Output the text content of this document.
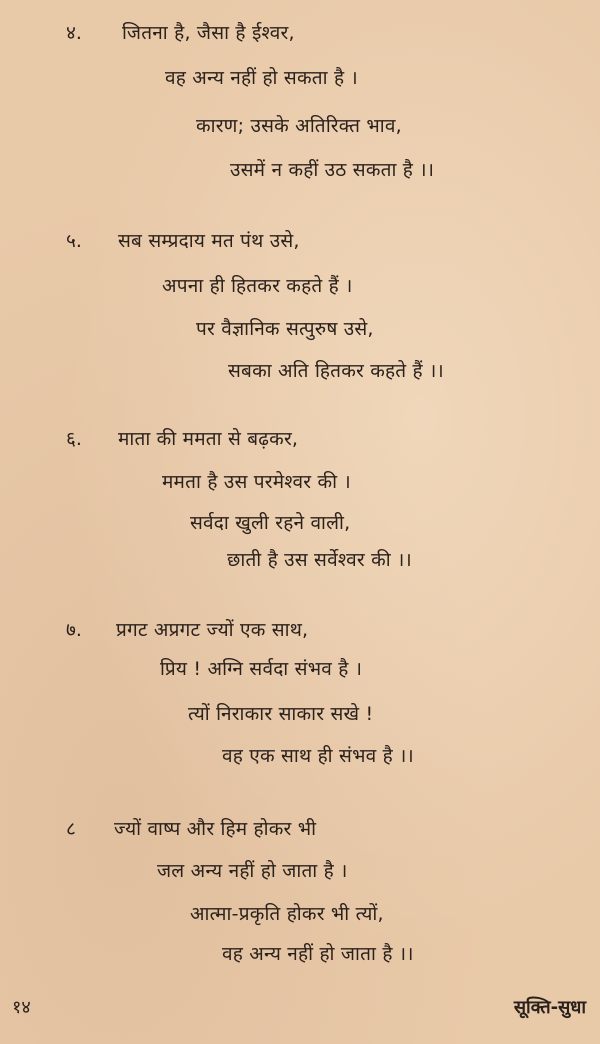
४. जितना है, जैसा है ईश्वर,
वह अन्य नहीं हो सकता है ।
कारण; उसके अतिरिक्त भाव,
उसमें न कहीं उठ सकता है ।।
५. सब सम्प्रदाय मत पंथ उसे,
अपना ही हितकर कहते हैं ।
पर वैज्ञानिक सत्पुरुष उसे,
सबका अति हितकर कहते हैं ।।
६. माता की ममता से बढ़कर,
ममता है उस परमेश्वर की ।
सर्वदा खुली रहने वाली,
छाती है उस सर्वेश्वर की ।।
७. प्रगट अप्रगट ज्यों एक साथ,
प्रिय ! अग्नि सर्वदा संभव है ।
त्यों निराकार साकार सखे !
वह एक साथ ही संभव है ।।
८ ज्यों वाष्प और हिम होकर भी
जल अन्य नहीं हो जाता है ।
आत्मा-प्रकृति होकर भी त्यों,
वह अन्य नहीं हो जाता है ।।
१४	सूक्ति-सुधा
